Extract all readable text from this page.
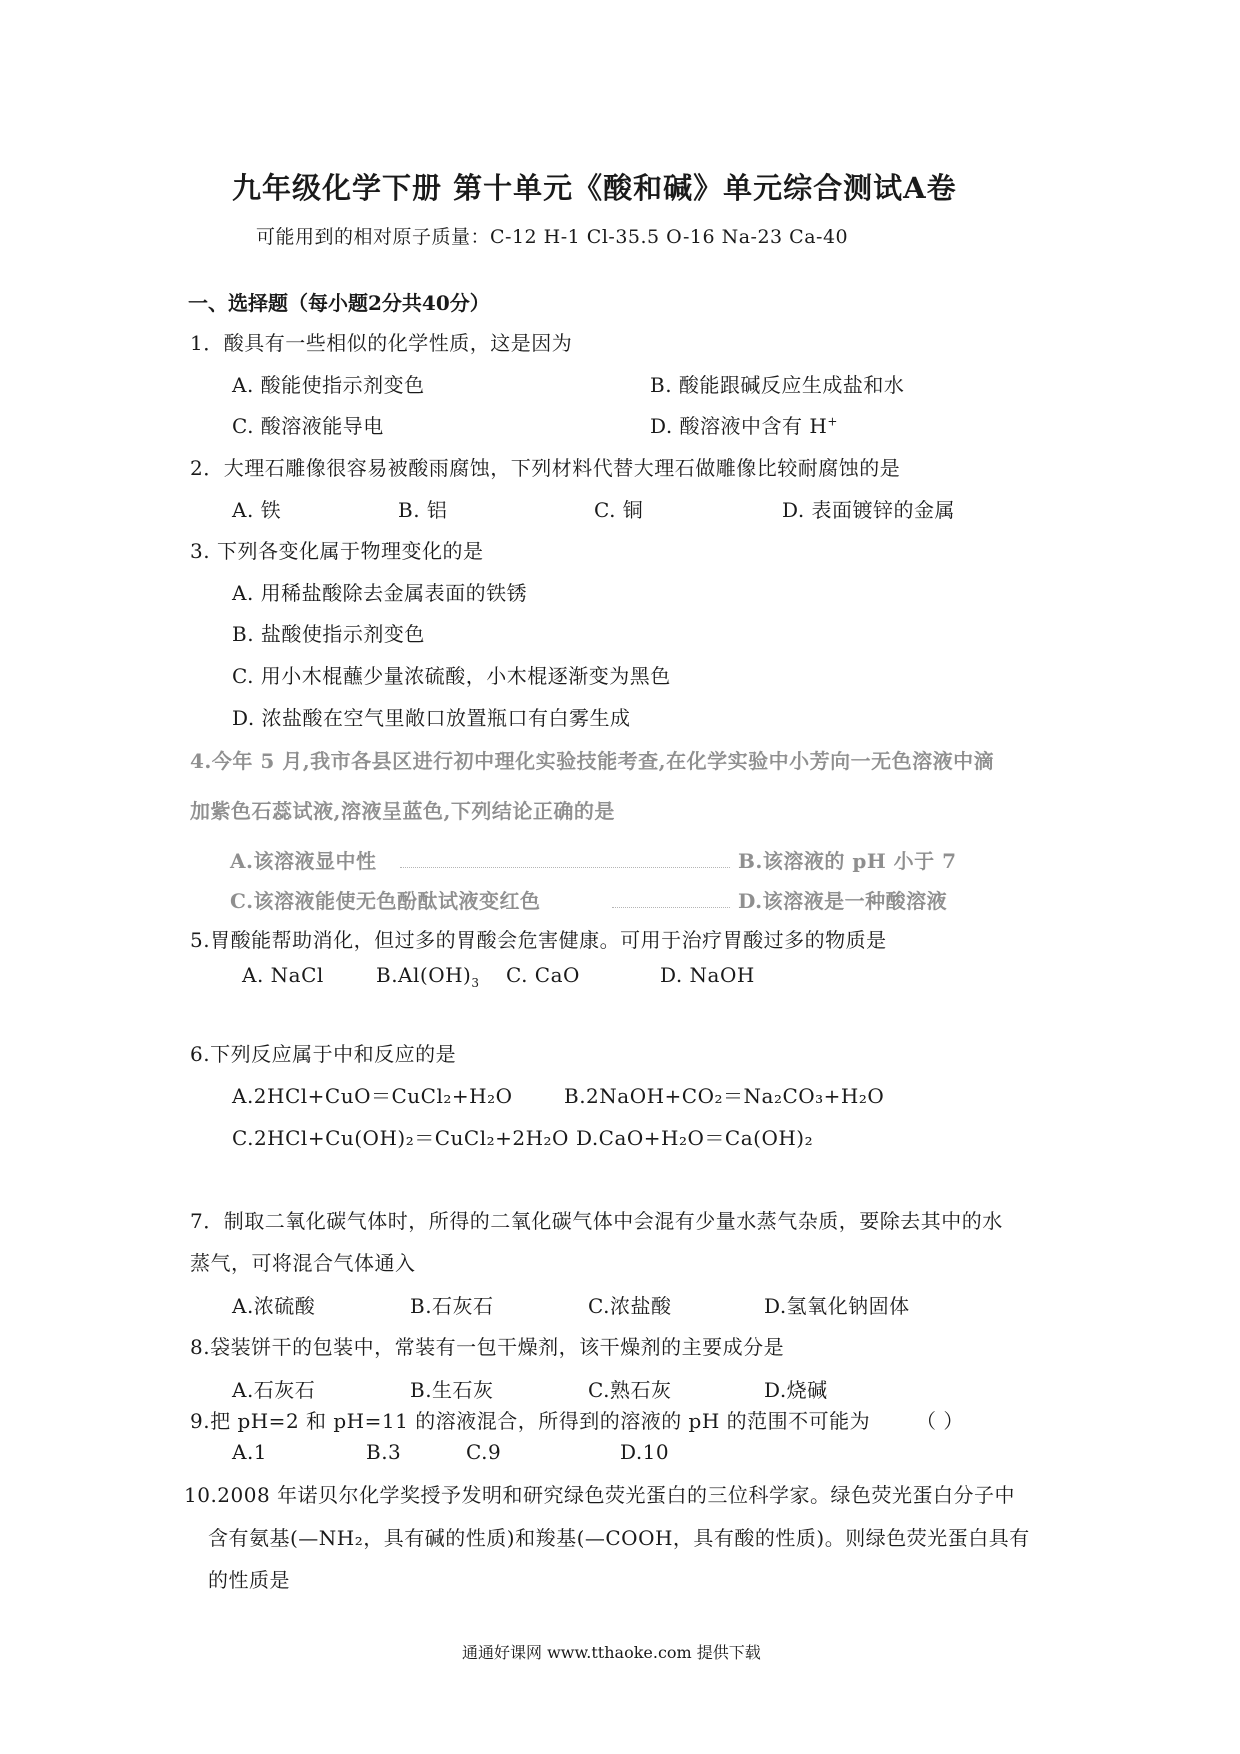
九年级化学下册 第十单元《酸和碱》单元综合测试A卷
可能用到的相对原子质量：C-12 H-1 Cl-35.5 O-16 Na-23 Ca-40
一、选择题（每小题2分共40分）
1．酸具有一些相似的化学性质，这是因为
A. 酸能使指示剂变色	B. 酸能跟碱反应生成盐和水
C. 酸溶液能导电	D. 酸溶液中含有 H+
2．大理石雕像很容易被酸雨腐蚀，下列材料代替大理石做雕像比较耐腐蚀的是
A. 铁	B. 铝	C. 铜	D. 表面镀锌的金属
3. 下列各变化属于物理变化的是
A. 用稀盐酸除去金属表面的铁锈
B. 盐酸使指示剂变色
C. 用小木棍蘸少量浓硫酸，小木棍逐渐变为黑色
D. 浓盐酸在空气里敞口放置瓶口有白雾生成
4.今年 5 月,我市各县区进行初中理化实验技能考查,在化学实验中小芳向一无色溶液中滴
加紫色石蕊试液,溶液呈蓝色,下列结论正确的是
A.该溶液显中性	B.该溶液的 pH 小于 7
C.该溶液能使无色酚酞试液变红色	D.该溶液是一种酸溶液
5.胃酸能帮助消化，但过多的胃酸会危害健康。可用于治疗胃酸过多的物质是
A. NaCl	$B.Al(OH)_3$ C. CaO	D. NaOH
6.下列反应属于中和反应的是
A.2HCl+CuO＝CuCl₂+H₂O	B.2NaOH+CO₂＝Na₂CO₃+H₂O
C.2HCl+Cu(OH)₂＝CuCl₂+2H₂O D.CaO+H₂O＝Ca(OH)₂
7．制取二氧化碳气体时，所得的二氧化碳气体中会混有少量水蒸气杂质，要除去其中的水
蒸气，可将混合气体通入
A.浓硫酸	B.石灰石	C.浓盐酸	D.氢氧化钠固体
8.袋装饼干的包装中，常装有一包干燥剂，该干燥剂的主要成分是
A.石灰石	B.生石灰	C.熟石灰	D.烧碱
9.把 pH=2 和 pH=11 的溶液混合，所得到的溶液的 pH 的范围不可能为 （ ）
A.1	B.3	C.9	D.10
10.2008 年诺贝尔化学奖授予发明和研究绿色荧光蛋白的三位科学家。绿色荧光蛋白分子中
含有氨基(—NH₂，具有碱的性质)和羧基(—COOH，具有酸的性质)。则绿色荧光蛋白具有
的性质是
通通好课网 www.tthaoke.com 提供下载
